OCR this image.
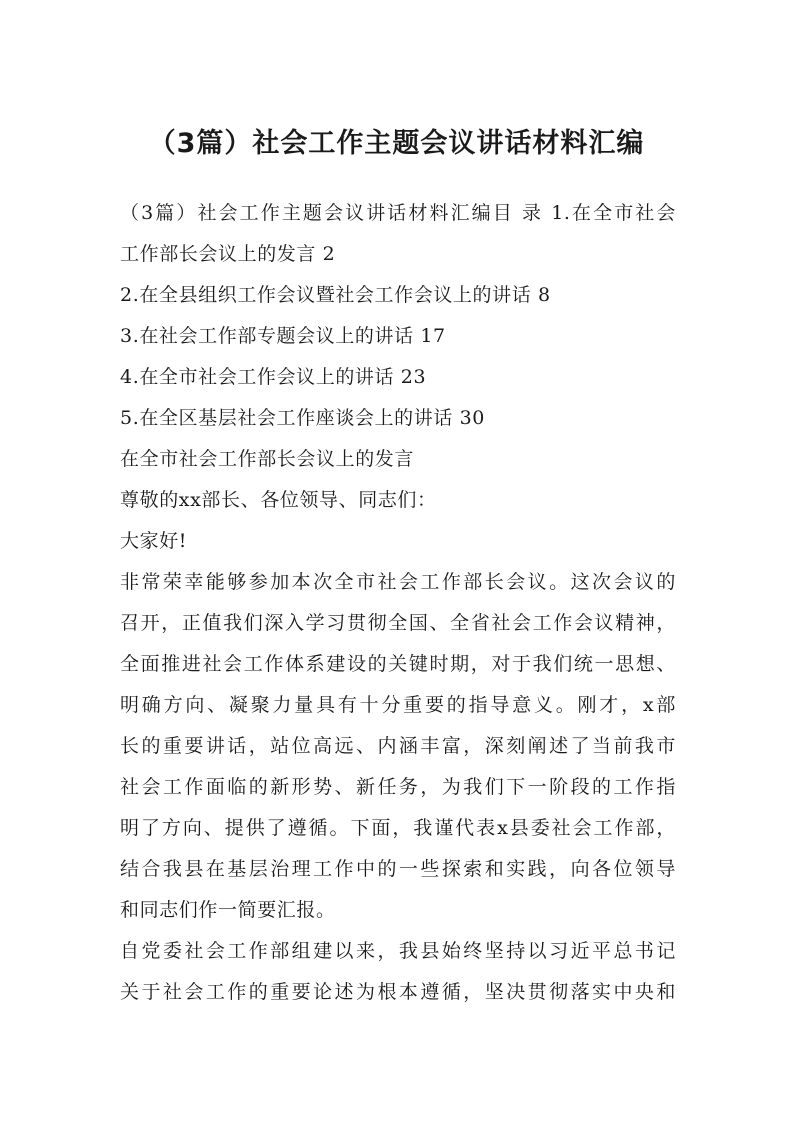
（3篇）社会工作主题会议讲话材料汇编
（3篇）社会工作主题会议讲话材料汇编目 录 1.在全市社会
工作部长会议上的发言 2
2.在全县组织工作会议暨社会工作会议上的讲话 8
3.在社会工作部专题会议上的讲话 17
4.在全市社会工作会议上的讲话 23
5.在全区基层社会工作座谈会上的讲话 30
在全市社会工作部长会议上的发言
尊敬的xx部长、各位领导、同志们：
大家好!
非常荣幸能够参加本次全市社会工作部长会议。这次会议的
召开，正值我们深入学习贯彻全国、全省社会工作会议精神，
全面推进社会工作体系建设的关键时期，对于我们统一思想、
明确方向、凝聚力量具有十分重要的指导意义。刚才，x部
长的重要讲话，站位高远、内涵丰富，深刻阐述了当前我市
社会工作面临的新形势、新任务，为我们下一阶段的工作指
明了方向、提供了遵循。下面，我谨代表x县委社会工作部，
结合我县在基层治理工作中的一些探索和实践，向各位领导
和同志们作一简要汇报。
自党委社会工作部组建以来，我县始终坚持以习近平总书记
关于社会工作的重要论述为根本遵循，坚决贯彻落实中央和
